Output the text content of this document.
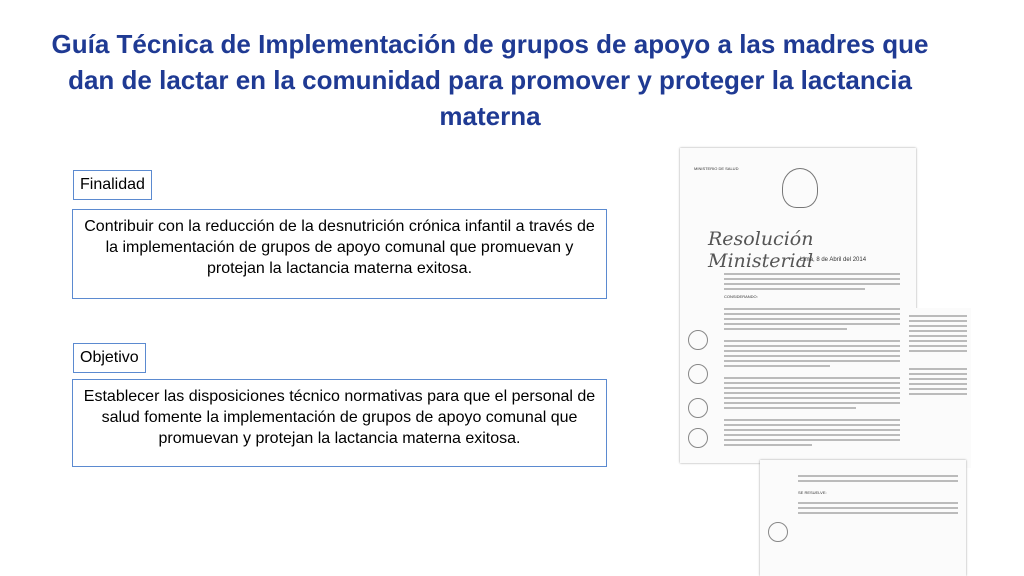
Guía Técnica de Implementación de grupos de apoyo a las madres que dan de lactar en la comunidad para promover y proteger la lactancia materna
Finalidad
Contribuir con la reducción de la desnutrición crónica infantil a través de la implementación de grupos de apoyo comunal que promuevan y protejan la lactancia materna exitosa.
Objetivo
Establecer las disposiciones técnico normativas para que el personal de salud fomente la implementación de grupos de apoyo comunal que promuevan y protejan la lactancia materna exitosa.
MINISTERIO DE SALUD
Resolución Ministerial
Lima, 8 de Abril del 2014
CONSIDERANDO:
SE RESUELVE:
